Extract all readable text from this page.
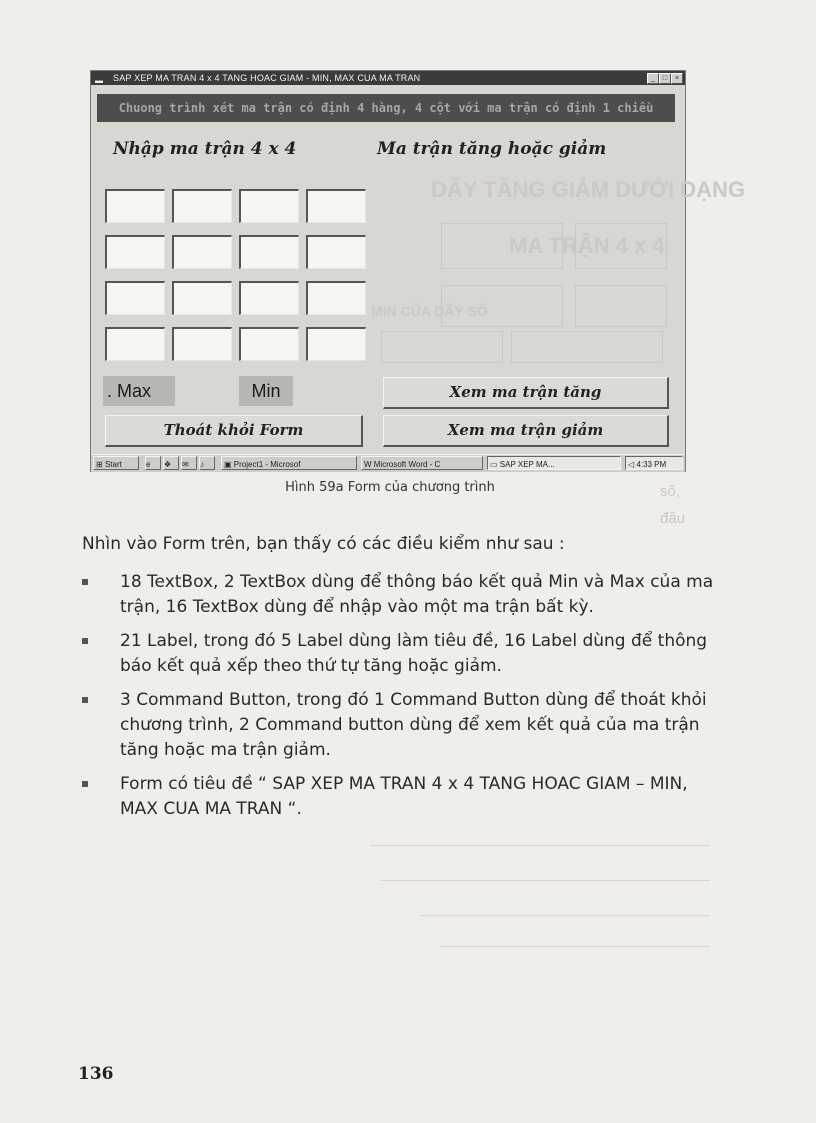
số,
đầu
▬ SAP XEP MA TRAN 4 x 4 TANG HOAC GIAM - MIN, MAX CUA MA TRAN	_	□	×
Chuong trình xét ma trận có định 4 hàng, 4 cột với ma trận có định 1 chiều
DÃY TĂNG GIẢM DƯỚI DẠNG
MA TRẬN 4 x 4
MIN CỦA DÃY SỐ
Nhập ma trận 4 x 4	Ma trận tăng hoặc giảm
. Max	Min	Xem ma trận tăng
Thoát khỏi Form	Xem ma trận giảm
⊞ Start	e	❖	✉	♪	▣ Project1 - Microsof	W Microsoft Word - C	▭ SAP XEP MA...	◁ 4:33 PM
Hình 59a Form của chương trình
Nhìn vào Form trên, bạn thấy có các điều kiểm như sau :
18 TextBox, 2 TextBox dùng để thông báo kết quả Min và Max của ma trận, 16 TextBox dùng để nhập vào một ma trận bất kỳ.
21 Label, trong đó 5 Label dùng làm tiêu đề, 16 Label dùng để thông báo kết quả xếp theo thứ tự tăng hoặc giảm.
3 Command Button, trong đó 1 Command Button dùng để thoát khỏi chương trình, 2 Command button dùng để xem kết quả của ma trận tăng hoặc ma trận giảm.
Form có tiêu đề “ SAP XEP MA TRAN 4 x 4 TANG HOAC GIAM – MIN, MAX CUA MA TRAN “.
136
